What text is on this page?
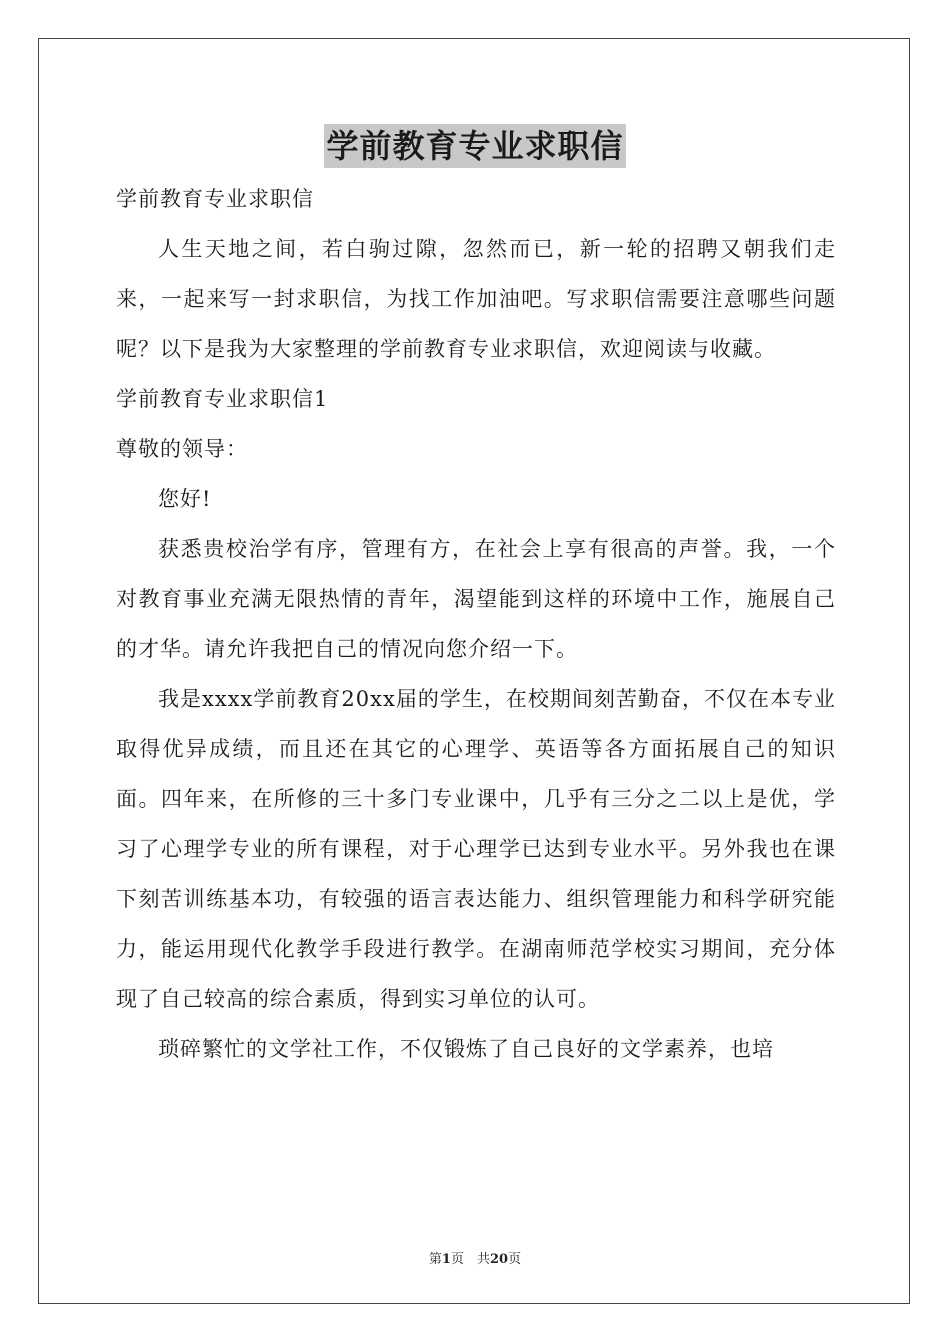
学前教育专业求职信

学前教育专业求职信

人生天地之间，若白驹过隙，忽然而已，新一轮的招聘又朝我们走来，一起来写一封求职信，为找工作加油吧。写求职信需要注意哪些问题呢？以下是我为大家整理的学前教育专业求职信，欢迎阅读与收藏。

学前教育专业求职信1

尊敬的领导：

您好!

获悉贵校治学有序，管理有方，在社会上享有很高的声誉。我，一个对教育事业充满无限热情的青年，渴望能到这样的环境中工作，施展自己的才华。请允许我把自己的情况向您介绍一下。

我是xxxx学前教育20xx届的学生，在校期间刻苦勤奋，不仅在本专业取得优异成绩，而且还在其它的心理学、英语等各方面拓展自己的知识面。四年来，在所修的三十多门专业课中，几乎有三分之二以上是优，学习了心理学专业的所有课程，对于心理学已达到专业水平。另外我也在课下刻苦训练基本功，有较强的语言表达能力、组织管理能力和科学研究能力，能运用现代化教学手段进行教学。在湖南师范学校实习期间，充分体现了自己较高的综合素质，得到实习单位的认可。

琐碎繁忙的文学社工作，不仅锻炼了自己良好的文学素养，也培

第1页　共20页
